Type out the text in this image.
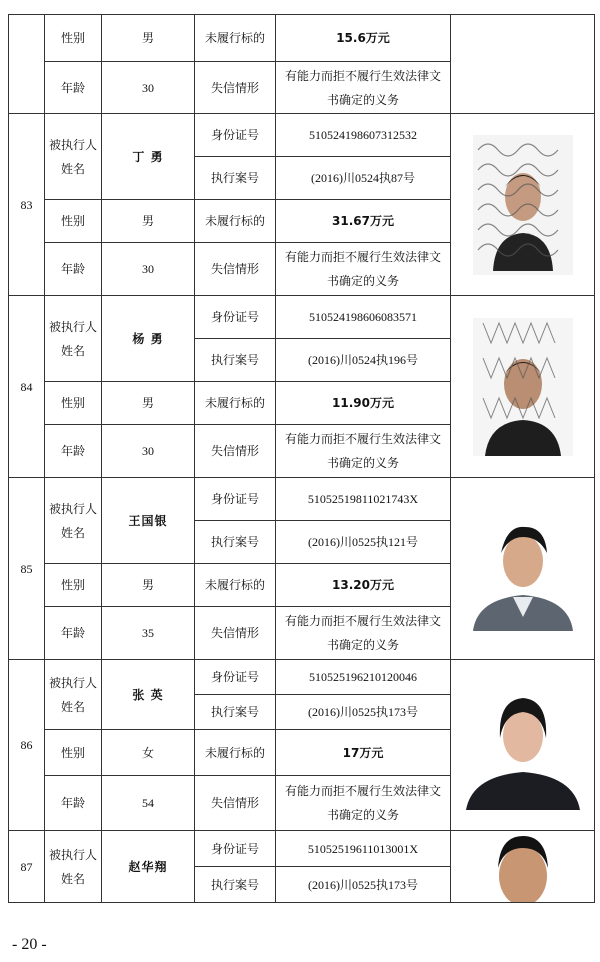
	性别	男	未履行标的	15.6万元	
	年龄	30	失信情形	有能力而拒不履行生效法律文书确定的义务	
83	被执行人姓名	丁 勇	身份证号	510524198607312532	

			执行案号	(2016)川0524执87号	
	性别	男	未履行标的	31.67万元	
	年龄	30	失信情形	有能力而拒不履行生效法律文书确定的义务	
84	被执行人姓名	杨 勇	身份证号	510524198606083571	

			执行案号	(2016)川0524执196号	
	性别	男	未履行标的	11.90万元	
	年龄	30	失信情形	有能力而拒不履行生效法律文书确定的义务	
85	被执行人姓名	王国银	身份证号	51052519811021743X	

			执行案号	(2016)川0525执121号	
	性别	男	未履行标的	13.20万元	
	年龄	35	失信情形	有能力而拒不履行生效法律文书确定的义务	
86	被执行人姓名	张 英	身份证号	510525196210120046	

			执行案号	(2016)川0525执173号	
	性别	女	未履行标的	17万元	
	年龄	54	失信情形	有能力而拒不履行生效法律文书确定的义务	
87	被执行人姓名	赵华翔	身份证号	51052519611013001X	

			执行案号	(2016)川0525执173号	
- 20 -
